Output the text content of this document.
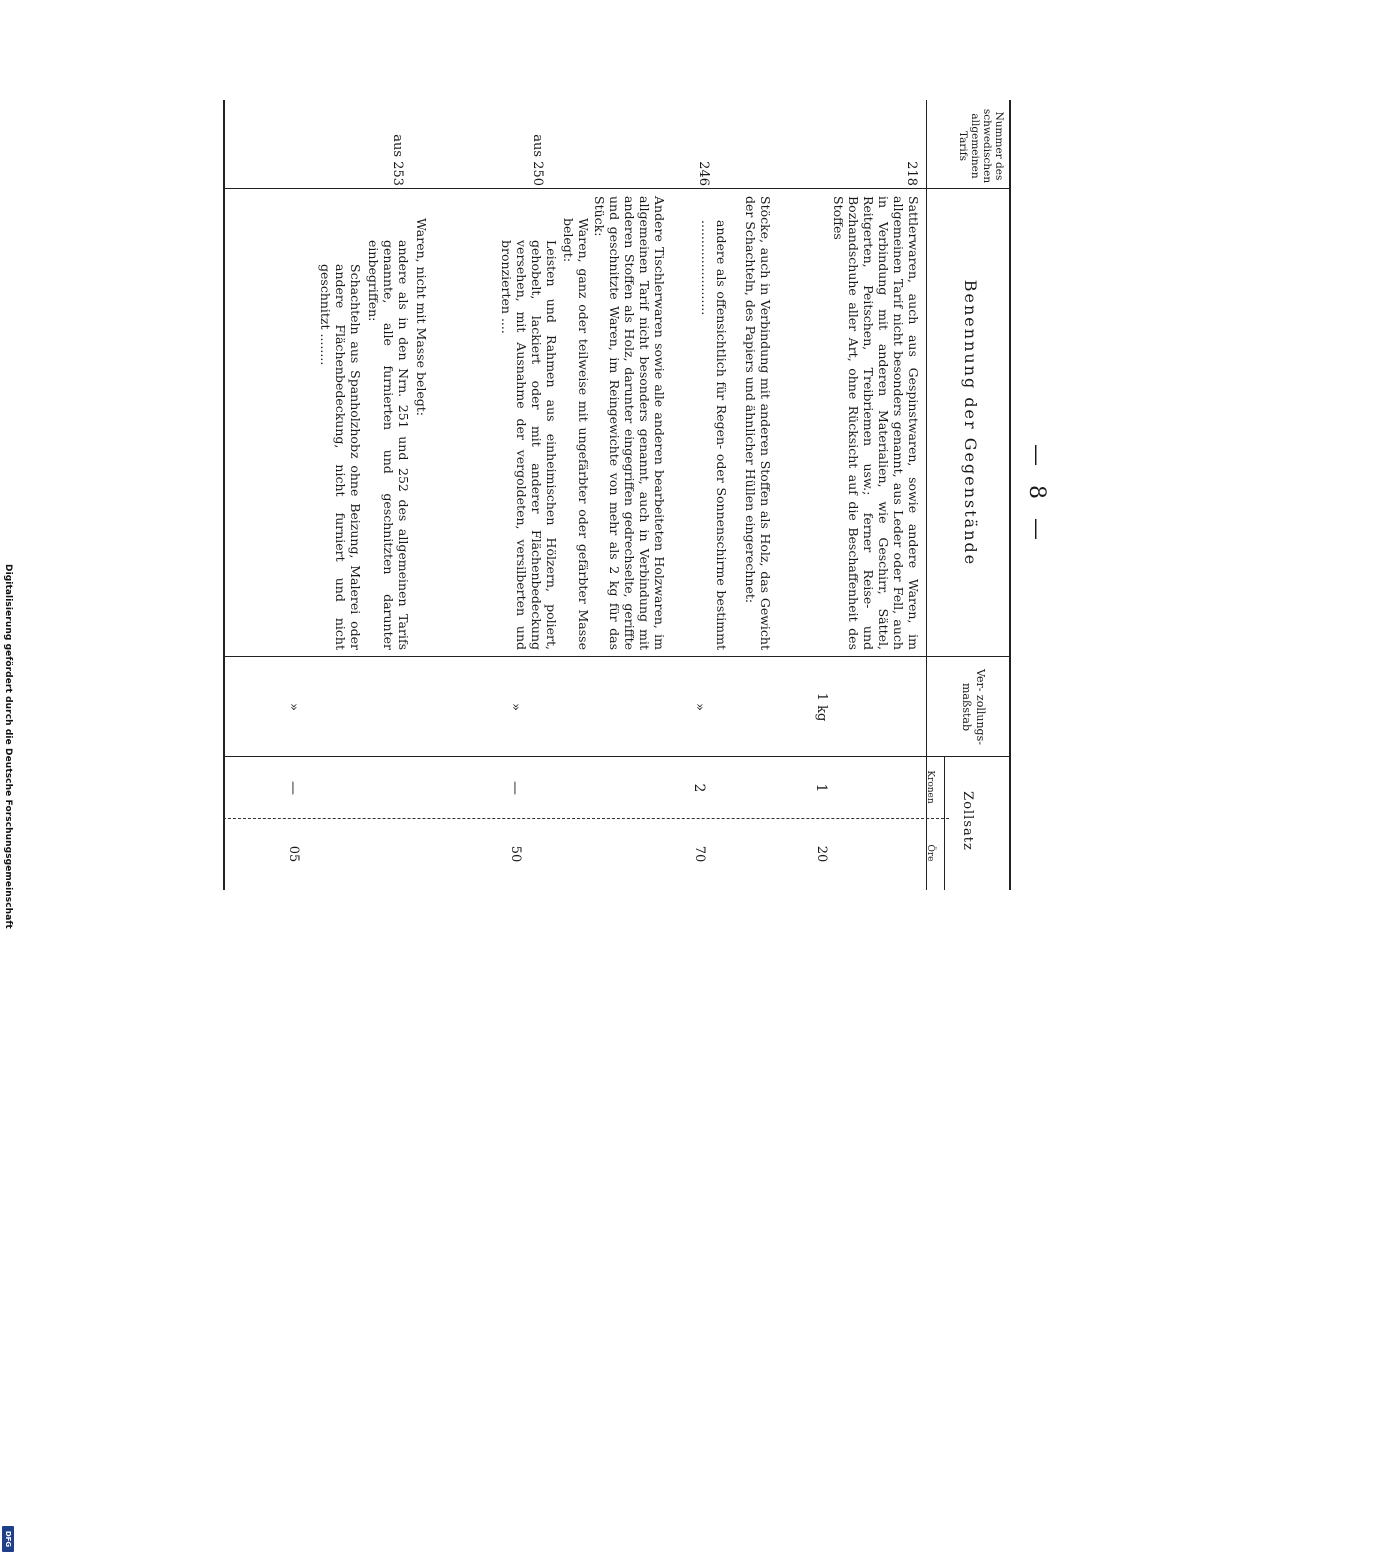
Digitalisierung gefördert durch die Deutsche Forschungsgemeinschaft
DFG
— 8 —
Nummer des schwedischen allgemeinen Tarifs
Benennung der Gegenstände
Ver- zollungs- maßstab
Zollsatz
Kronen
Öre
218
Sattlerwaren, auch aus Gespinstwaren, sowie andere Waren, im allgemeinen Tarif nicht besonders genannt, aus Leder oder Fell, auch in Verbindung mit anderen Materialien, wie Geschirr, Sättel, Reitgerten, Peitschen, Treibriemen usw.; ferner Reise- und Bozhandschuhe aller Art, ohne Rücksicht auf die Beschaffenheit des Stoffes
1 kg
1
20
246
Stöcke, auch in Verbindung mit anderen Stoffen als Holz, das Gewicht der Schachteln, des Papiers und ähnlicher Hüllen eingerechnet:
andere als offensichtlich für Regen- oder Sonnenschirme bestimmt ........................
»
2
70
aus 250
Andere Tischlerwaren sowie alle anderen bearbeiteten Holzwaren, im allgemeinen Tarif nicht besonders genannt, auch in Verbindung mit anderen Stoffen als Holz, darunter eingegriffen gedrechselte, geriffte und geschnitzte Waren, im Reingewichte von mehr als 2 kg für das Stück:
Waren, ganz oder teilweise mit ungefärbter oder gefärbter Masse belegt:
Leisten und Rahmen aus einheimischen Hölzern, poliert, gehobelt, lackiert oder mit anderer Flächenbedeckung versehen, mit Ausnahme der vergoldeten, versilberten und bronzierten ....
»
—
50
aus 253
Waren, nicht mit Masse belegt:
andere als in den Nrn. 251 und 252 des allgemeinen Tarifs genannte, alle furnierten und geschnitzten darunter einbegriffen:
Schachteln aus Spanholzhobz ohne Beizung, Malerei oder andere Flächenbedeckung, nicht furniert und nicht geschnitzt ........
»
—
05
